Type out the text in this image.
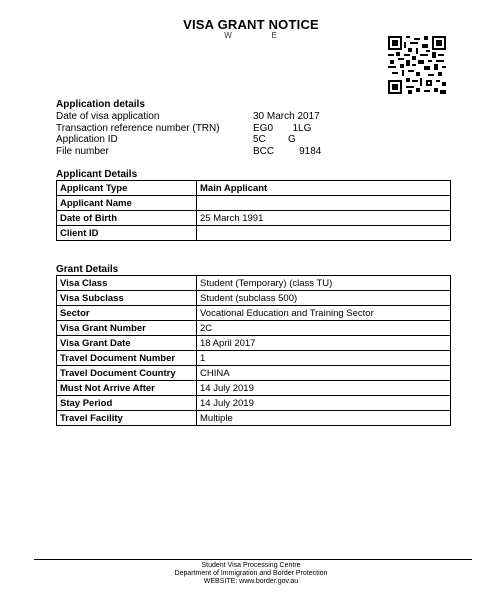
VISA GRANT NOTICE
W            E
Application details
Date of visa application	30 March 2017
Transaction reference number (TRN)	EG0       1LG
Application ID	5C        G
File number	BCC         9184
Applicant Details
Applicant Type	Main Applicant
Applicant Name	
Date of Birth	25 March 1991
Client ID	
Grant Details
Visa Class	Student (Temporary) (class TU)
Visa Subclass	Student (subclass 500)
Sector	Vocational Education and Training Sector
Visa Grant Number	2C
Visa Grant Date	18 April 2017
Travel Document Number	1
Travel Document Country	CHINA
Must Not Arrive After	14 July 2019
Stay Period	14 July 2019
Travel Facility	Multiple
Student Visa Processing Centre
Department of Immigration and Border Protection
WEBSITE: www.border.gov.au
